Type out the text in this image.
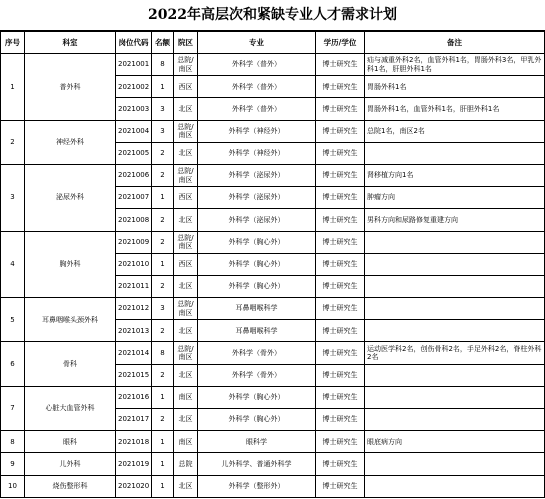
2022年高层次和紧缺专业人才需求计划
序号	科室	岗位代码	名额	院区	专业	学历/学位	备注
1	普外科	2021001	8	总院/南区	外科学（普外）	博士研究生	疝与减重外科2名，血管外科1名，胃肠外科3名，甲乳外科1名，肝胆外科1名
		2021002	1	西区	外科学（普外）	博士研究生	胃肠外科1名
		2021003	3	北区	外科学（普外）	博士研究生	胃肠外科1名，血管外科1名，肝胆外科1名
2	神经外科	2021004	3	总院/南区	外科学（神经外）	博士研究生	总院1名，南区2名
		2021005	2	北区	外科学（神经外）	博士研究生	
3	泌尿外科	2021006	2	总院/南区	外科学（泌尿外）	博士研究生	肾移植方向1名
		2021007	1	西区	外科学（泌尿外）	博士研究生	肿瘤方向
		2021008	2	北区	外科学（泌尿外）	博士研究生	男科方向和尿路修复重建方向
4	胸外科	2021009	2	总院/南区	外科学（胸心外）	博士研究生	
		2021010	1	西区	外科学（胸心外）	博士研究生	
		2021011	2	北区	外科学（胸心外）	博士研究生	
5	耳鼻咽喉头颈外科	2021012	3	总院/南区	耳鼻咽喉科学	博士研究生	
		2021013	2	北区	耳鼻咽喉科学	博士研究生	
6	骨科	2021014	8	总院/南区	外科学（骨外）	博士研究生	运动医学科2名，创伤骨科2名，手足外科2名，脊柱外科2名
		2021015	2	北区	外科学（骨外）	博士研究生	
7	心脏大血管外科	2021016	1	南区	外科学（胸心外）	博士研究生	
		2021017	2	北区	外科学（胸心外）	博士研究生	
8	眼科	2021018	1	南区	眼科学	博士研究生	眼底病方向
9	儿外科	2021019	1	总院	儿外科学、普通外科学	博士研究生	
10	烧伤整形科	2021020	1	北区	外科学（整形外）	博士研究生	
